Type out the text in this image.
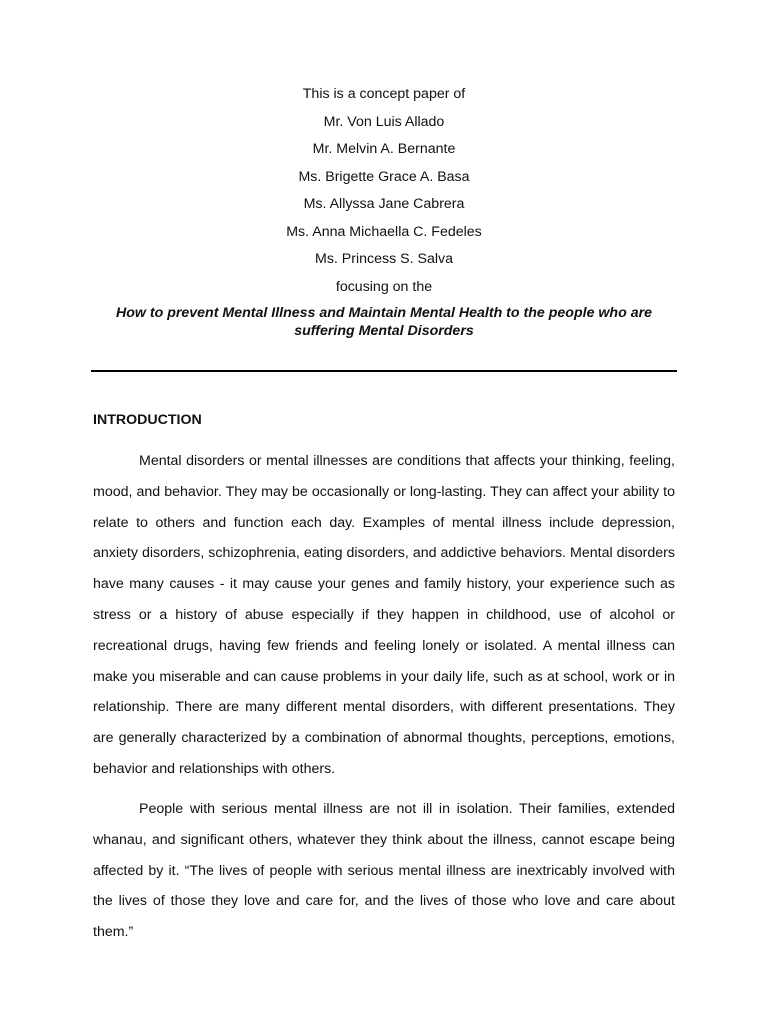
This is a concept paper of
Mr. Von Luis Allado
Mr. Melvin A. Bernante
Ms. Brigette Grace A. Basa
Ms. Allyssa Jane Cabrera
Ms. Anna Michaella C. Fedeles
Ms. Princess S. Salva
focusing on the
How to prevent Mental Illness and Maintain Mental Health to the people who are suffering Mental Disorders
INTRODUCTION

Mental disorders or mental illnesses are conditions that affects your thinking, feeling, mood, and behavior. They may be occasionally or long-lasting. They can affect your ability to relate to others and function each day. Examples of mental illness include depression, anxiety disorders, schizophrenia, eating disorders, and addictive behaviors. Mental disorders have many causes - it may cause your genes and family history, your experience such as stress or a history of abuse especially if they happen in childhood, use of alcohol or recreational drugs, having few friends and feeling lonely or isolated. A mental illness can make you miserable and can cause problems in your daily life, such as at school, work or in relationship. There are many different mental disorders, with different presentations. They are generally characterized by a combination of abnormal thoughts, perceptions, emotions, behavior and relationships with others.

People with serious mental illness are not ill in isolation. Their families, extended whanau, and significant others, whatever they think about the illness, cannot escape being affected by it. “The lives of people with serious mental illness are inextricably involved with the lives of those they love and care for, and the lives of those who love and care about them.”
